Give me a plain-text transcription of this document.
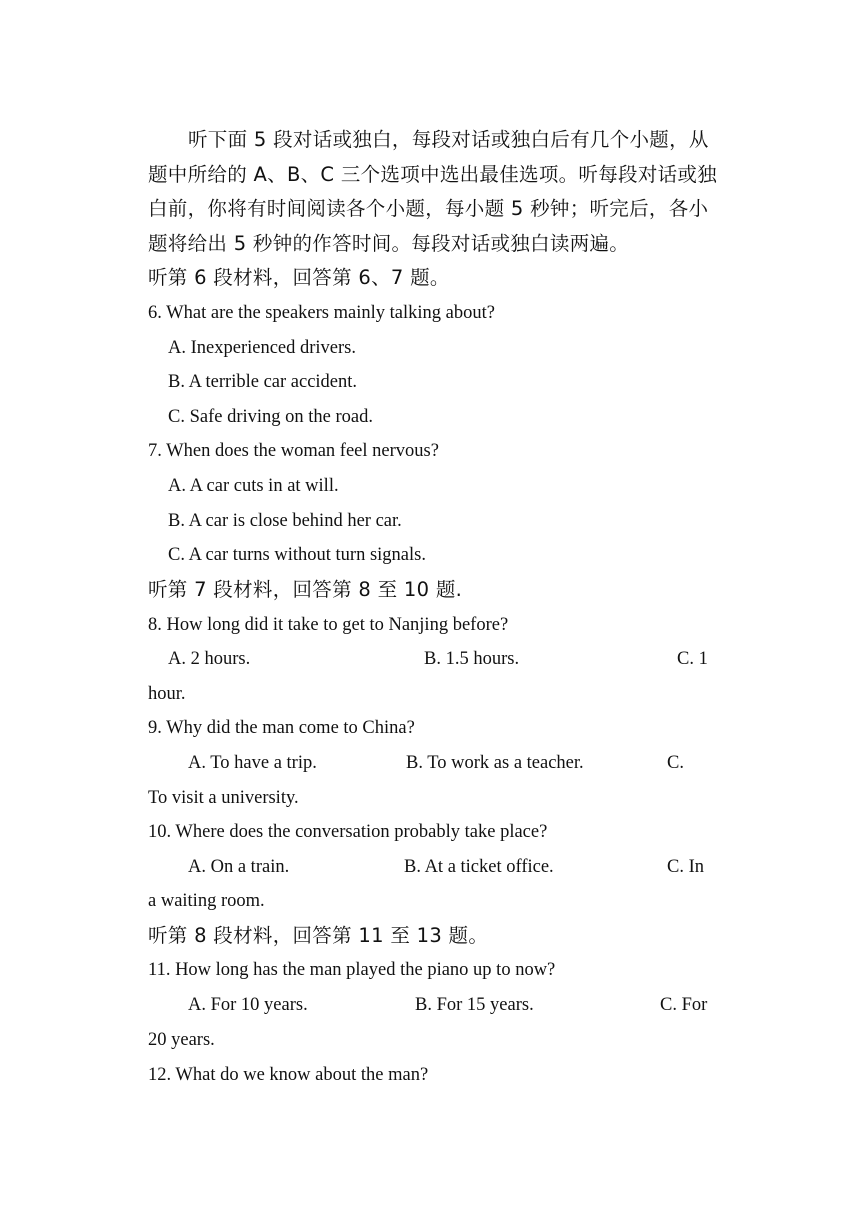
听下面 5 段对话或独白，每段对话或独白后有几个小题，从
题中所给的 A、B、C 三个选项中选出最佳选项。听每段对话或独
白前，你将有时间阅读各个小题，每小题 5 秒钟；听完后，各小
题将给出 5 秒钟的作答时间。每段对话或独白读两遍。
听第 6 段材料，回答第 6、7 题。
6. What are the speakers mainly talking about?
A. Inexperienced drivers.
B. A terrible car accident.
C. Safe driving on the road.
7. When does the woman feel nervous?
A. A car cuts in at will.
B. A car is close behind her car.
C. A car turns without turn signals.
听第 7 段材料，回答第 8 至 10 题.
8. How long did it take to get to Nanjing before?
A. 2 hours.	B. 1.5 hours.	C. 1
hour.
9. Why did the man come to China?
A. To have a trip.	B. To work as a teacher.	C.
To visit a university.
10. Where does the conversation probably take place?
A. On a train.	B. At a ticket office.	C. In
a waiting room.
听第 8 段材料，回答第 11 至 13 题。
11. How long has the man played the piano up to now?
A. For 10 years.	B. For 15 years.	C. For
20 years.
12. What do we know about the man?
